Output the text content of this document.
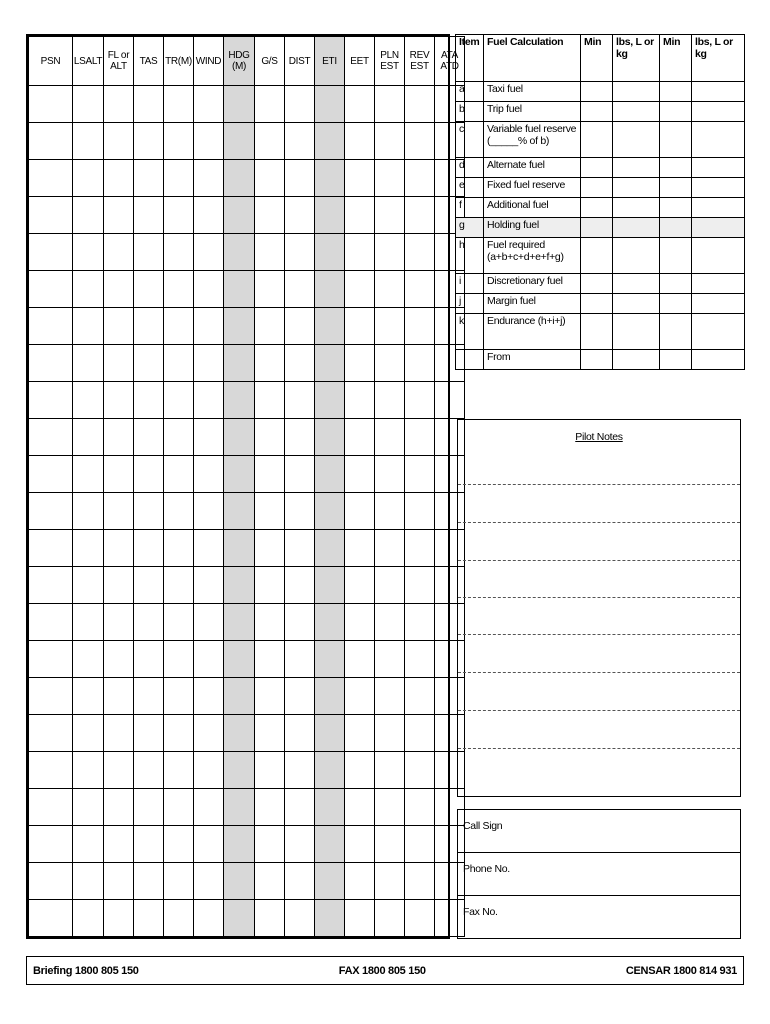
PSN	LSALT	FL or ALT	TAS	TR(M)	WIND	HDG (M)	G/S	DIST	ETI	EET	PLN EST	REV EST	ATA ATD

Item	Fuel Calculation	Min	lbs, L or kg	Min	lbs, L or kg
a	Taxi fuel				
b	Trip fuel				
c	Variable fuel reserve (_____% of b)				
d	Alternate fuel				
e	Fixed fuel reserve				
f	Additional fuel				
g	Holding fuel				
h	Fuel required (a+b+c+d+e+f+g)				
i	Discretionary fuel				
j	Margin fuel				
k	Endurance (h+i+j)				
	From				
Pilot Notes
Call Sign
Phone No.
Fax No.
Briefing 1800 805 150	FAX 1800 805 150	CENSAR 1800 814 931
